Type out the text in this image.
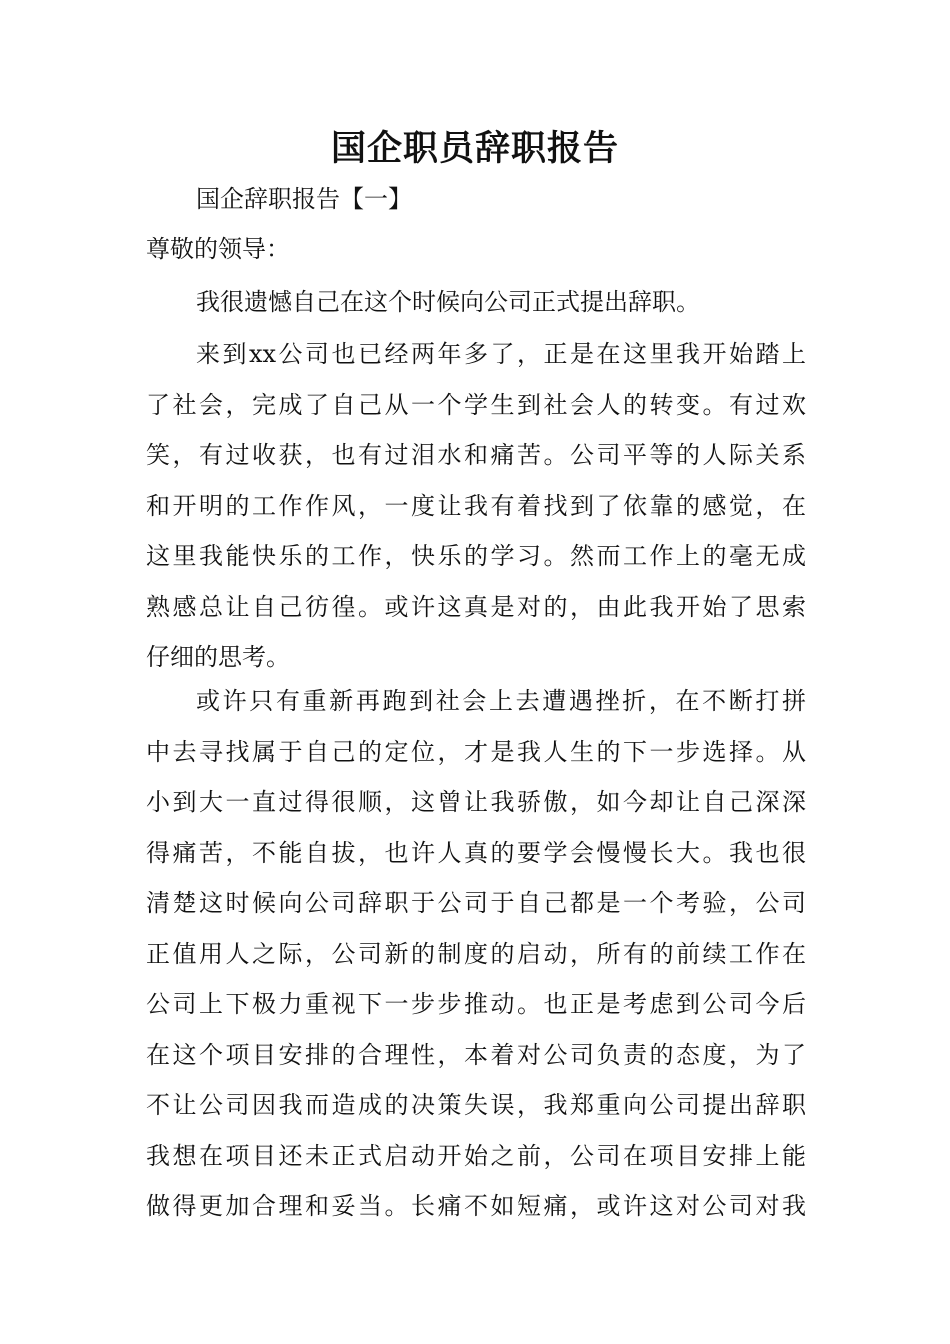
国企职员辞职报告
国企辞职报告【一】
尊敬的领导：
我很遗憾自己在这个时候向公司正式提出辞职。
来到xx公司也已经两年多了，正是在这里我开始踏上
了社会，完成了自己从一个学生到社会人的转变。有过欢
笑，有过收获，也有过泪水和痛苦。公司平等的人际关系
和开明的工作作风，一度让我有着找到了依靠的感觉，在
这里我能快乐的工作，快乐的学习。然而工作上的毫无成
熟感总让自己彷徨。或许这真是对的，由此我开始了思索
仔细的思考。
或许只有重新再跑到社会上去遭遇挫折，在不断打拼
中去寻找属于自己的定位，才是我人生的下一步选择。从
小到大一直过得很顺，这曾让我骄傲，如今却让自己深深
得痛苦，不能自拔，也许人真的要学会慢慢长大。我也很
清楚这时候向公司辞职于公司于自己都是一个考验，公司
正值用人之际，公司新的制度的启动，所有的前续工作在
公司上下极力重视下一步步推动。也正是考虑到公司今后
在这个项目安排的合理性，本着对公司负责的态度，为了
不让公司因我而造成的决策失误，我郑重向公司提出辞职
我想在项目还未正式启动开始之前，公司在项目安排上能
做得更加合理和妥当。长痛不如短痛，或许这对公司对我
